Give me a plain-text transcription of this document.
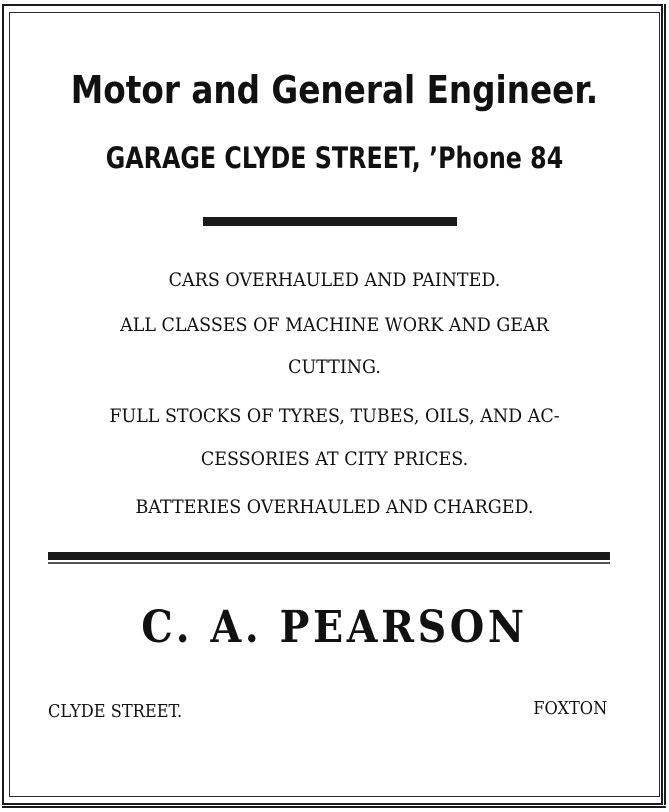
Motor and General Engineer.
GARAGE CLYDE STREET, ’Phone 84
CARS OVERHAULED AND PAINTED.
ALL CLASSES OF MACHINE WORK AND GEAR
CUTTING.
FULL STOCKS OF TYRES, TUBES, OILS, AND AC-
CESSORIES AT CITY PRICES.
BATTERIES OVERHAULED AND CHARGED.
C. A. PEARSON
CLYDE STREET.	FOXTON
